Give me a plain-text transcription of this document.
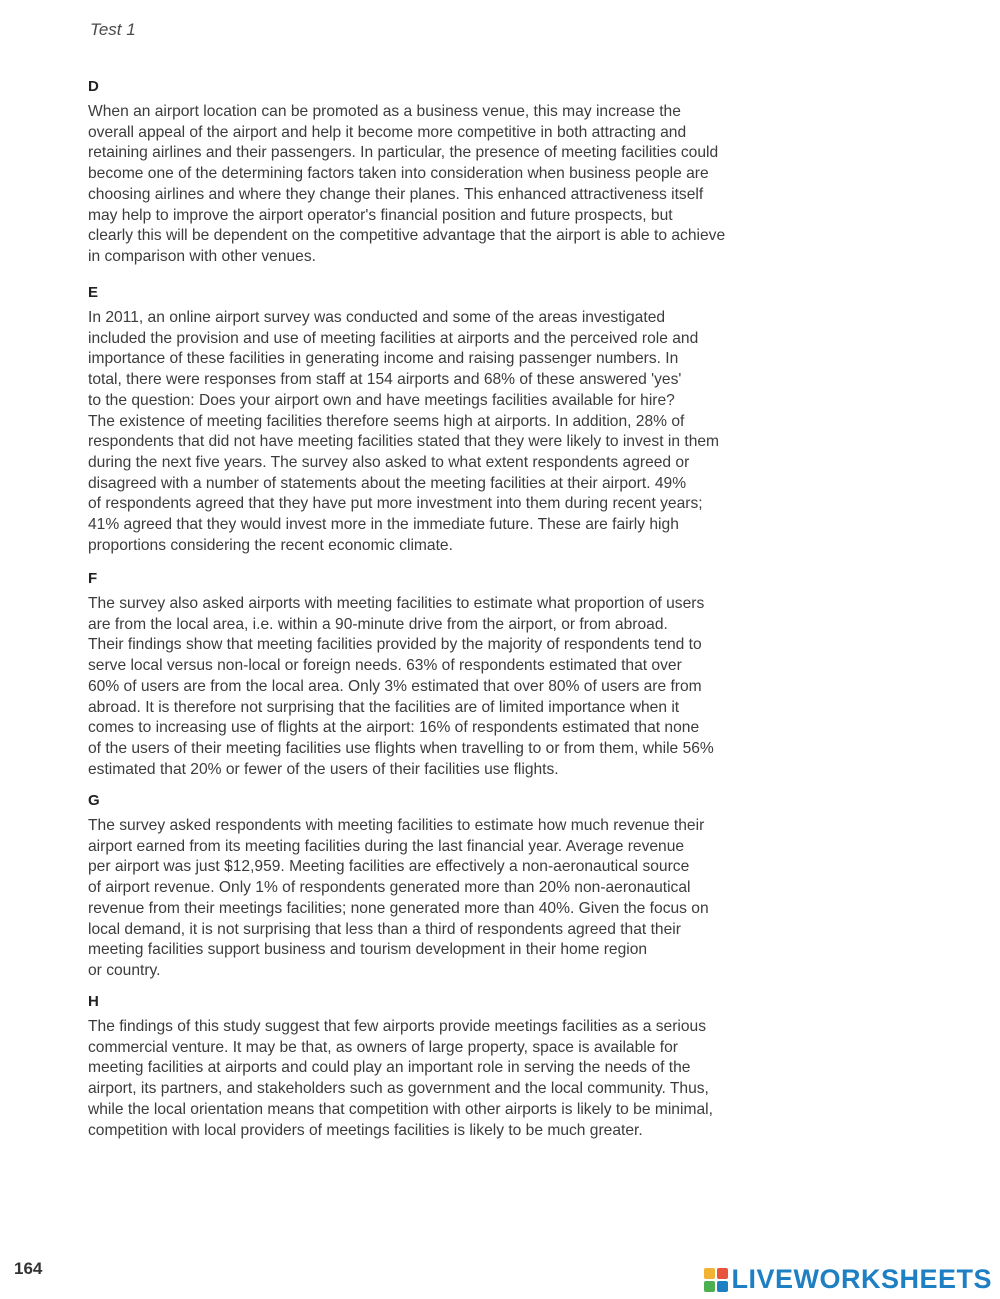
Test 1
D
When an airport location can be promoted as a business venue, this may increase the
overall appeal of the airport and help it become more competitive in both attracting and
retaining airlines and their passengers. In particular, the presence of meeting facilities could
become one of the determining factors taken into consideration when business people are
choosing airlines and where they change their planes. This enhanced attractiveness itself
may help to improve the airport operator's financial position and future prospects, but
clearly this will be dependent on the competitive advantage that the airport is able to achieve
in comparison with other venues.
E
In 2011, an online airport survey was conducted and some of the areas investigated
included the provision and use of meeting facilities at airports and the perceived role and
importance of these facilities in generating income and raising passenger numbers. In
total, there were responses from staff at 154 airports and 68% of these answered 'yes'
to the question: Does your airport own and have meetings facilities available for hire?
The existence of meeting facilities therefore seems high at airports. In addition, 28% of
respondents that did not have meeting facilities stated that they were likely to invest in them
during the next five years. The survey also asked to what extent respondents agreed or
disagreed with a number of statements about the meeting facilities at their airport. 49%
of respondents agreed that they have put more investment into them during recent years;
41% agreed that they would invest more in the immediate future. These are fairly high
proportions considering the recent economic climate.
F
The survey also asked airports with meeting facilities to estimate what proportion of users
are from the local area, i.e. within a 90-minute drive from the airport, or from abroad.
Their findings show that meeting facilities provided by the majority of respondents tend to
serve local versus non-local or foreign needs. 63% of respondents estimated that over
60% of users are from the local area. Only 3% estimated that over 80% of users are from
abroad. It is therefore not surprising that the facilities are of limited importance when it
comes to increasing use of flights at the airport: 16% of respondents estimated that none
of the users of their meeting facilities use flights when travelling to or from them, while 56%
estimated that 20% or fewer of the users of their facilities use flights.
G
The survey asked respondents with meeting facilities to estimate how much revenue their
airport earned from its meeting facilities during the last financial year. Average revenue
per airport was just $12,959. Meeting facilities are effectively a non-aeronautical source
of airport revenue. Only 1% of respondents generated more than 20% non-aeronautical
revenue from their meetings facilities; none generated more than 40%. Given the focus on
local demand, it is not surprising that less than a third of respondents agreed that their
meeting facilities support business and tourism development in their home region
or country.
H
The findings of this study suggest that few airports provide meetings facilities as a serious
commercial venture. It may be that, as owners of large property, space is available for
meeting facilities at airports and could play an important role in serving the needs of the
airport, its partners, and stakeholders such as government and the local community. Thus,
while the local orientation means that competition with other airports is likely to be minimal,
competition with local providers of meetings facilities is likely to be much greater.
164	LIVEWORKSHEETS
